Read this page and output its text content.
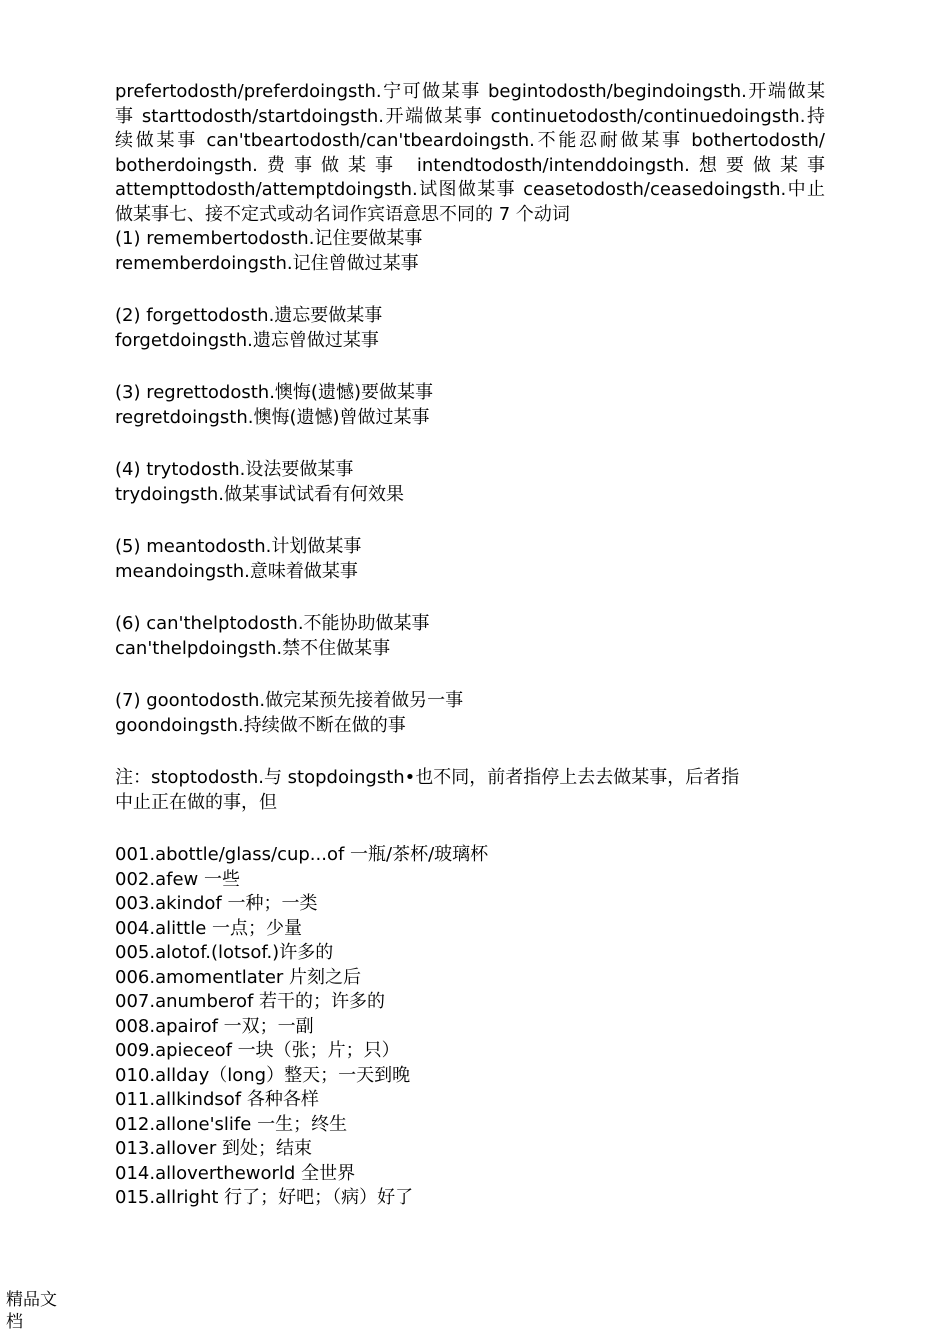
prefertodosth/preferdoingsth.宁可做某事 begintodosth/begindoingsth.开端做某事 starttodosth/startdoingsth.开端做某事 continuetodosth/continuedoingsth.持续做某事 can'tbeartodosth/can'tbeardoingsth.不能忍耐做某事 bothertodosth/ botherdoingsth.费事做某事 intendtodosth/intenddoingsth.想要做某事 attempttodosth/attemptdoingsth.试图做某事 ceasetodosth/ceasedoingsth.中止做某事七、接不定式或动名词作宾语意思不同的 7 个动词

(1) remembertodosth.记住要做某事
rememberdoingsth.记住曾做过某事
(2) forgettodosth.遗忘要做某事
forgetdoingsth.遗忘曾做过某事
(3) regrettodosth.懊悔(遗憾)要做某事
regretdoingsth.懊悔(遗憾)曾做过某事
(4) trytodosth.设法要做某事
trydoingsth.做某事试试看有何效果
(5) meantodosth.计划做某事
meandoingsth.意味着做某事
(6) can'thelptodosth.不能协助做某事
can'thelpdoingsth.禁不住做某事
(7) goontodosth.做完某预先接着做另一事
goondoingsth.持续做不断在做的事
注：stoptodosth.与 stopdoingsth•也不同，前者指停上去去做某事，后者指
中止正在做的事，但
001.abottle/glass/cup...of 一瓶/茶杯/玻璃杯
002.afew 一些
003.akindof 一种；一类
004.alittle 一点；少量
005.alotof.(lotsof.)许多的
006.amomentlater 片刻之后
007.anumberof 若干的；许多的
008.apairof 一双；一副
009.apieceof 一块（张；片；只）
010.allday（long）整天；一天到晚
011.allkindsof 各种各样
012.allone'slife 一生；终生
013.allover 到处；结束
014.allovertheworld 全世界
015.allright 行了；好吧；（病）好了
精品文
档
